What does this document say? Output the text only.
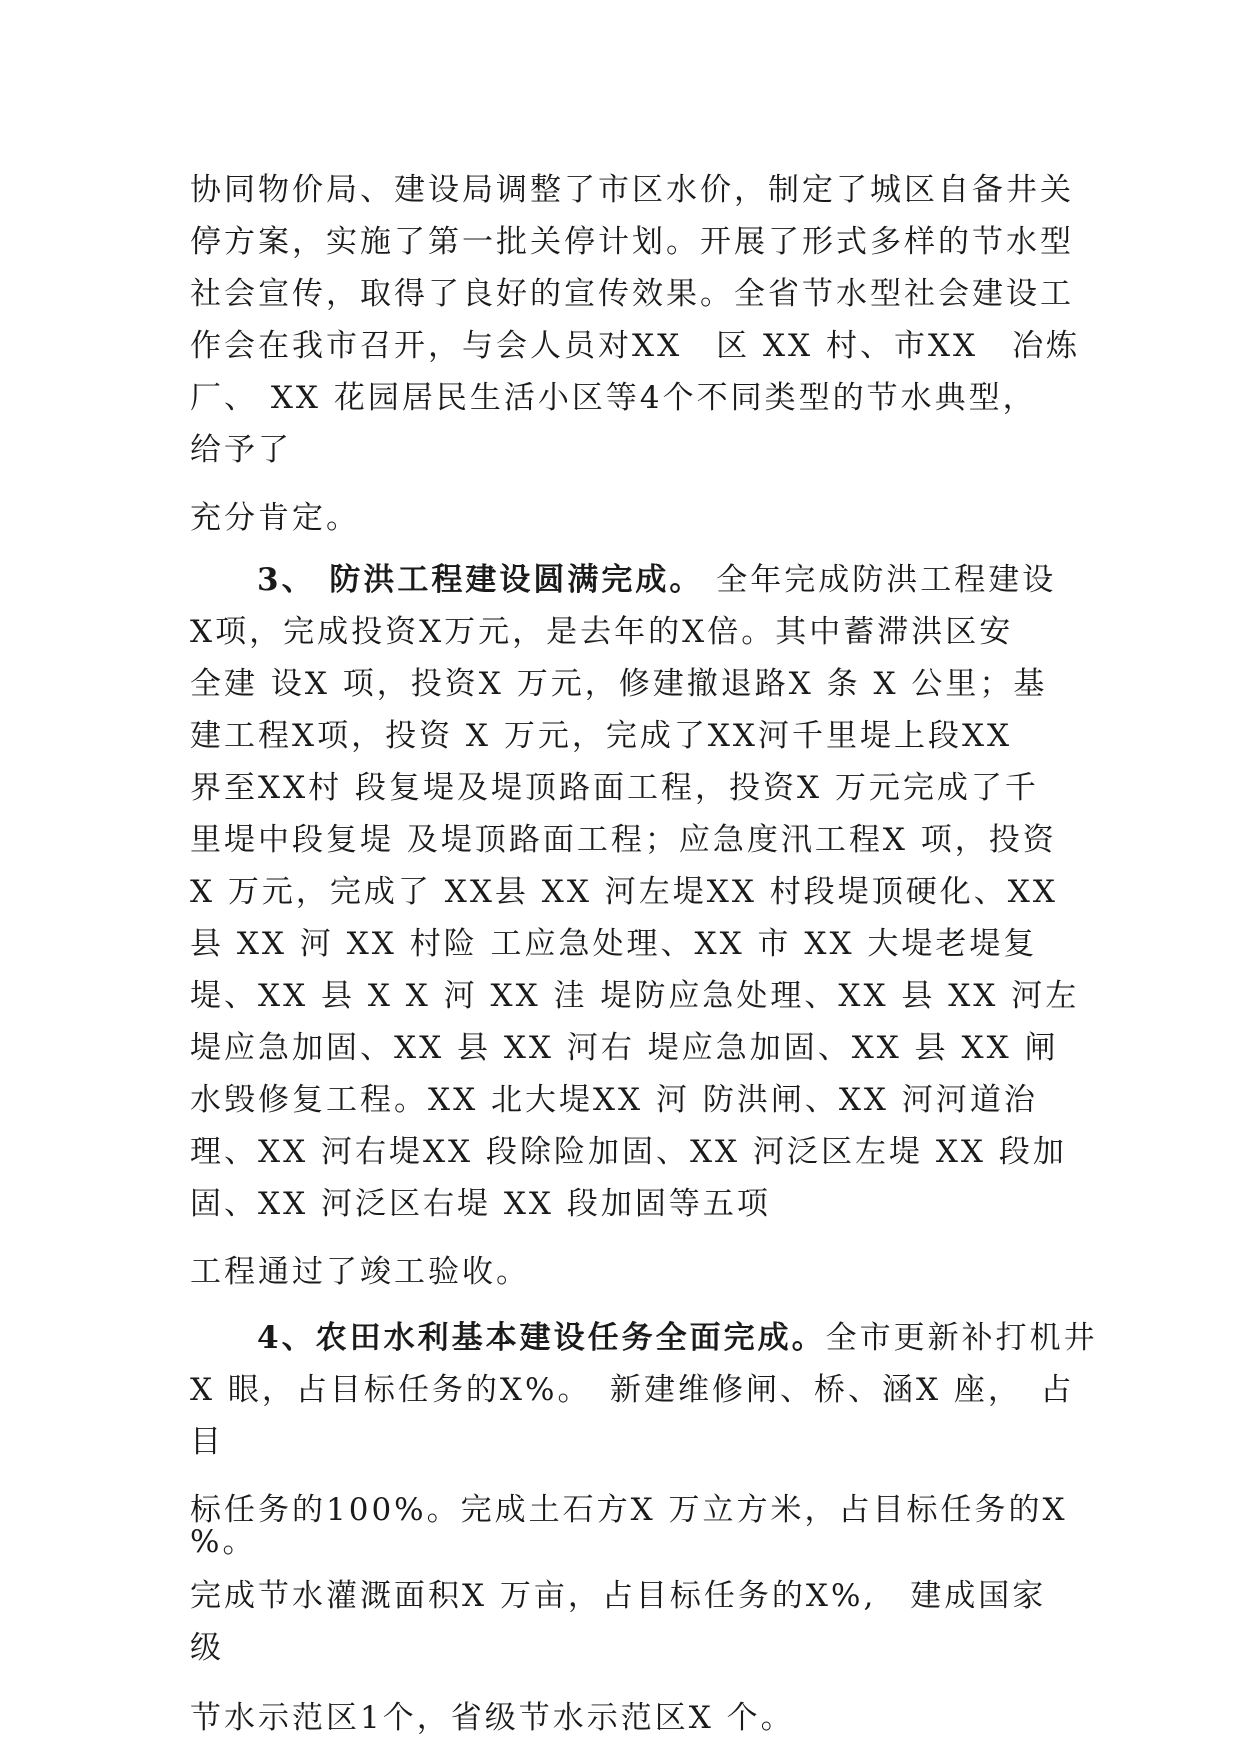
协同物价局、建设局调整了市区水价，制定了城区自备井关
停方案，实施了第一批关停计划。开展了形式多样的节水型
社会宣传，取得了良好的宣传效果。全省节水型社会建设工
作会在我市召开，与会人员对XX　区 XX 村、市XX　冶炼
厂、 XX 花园居民生活小区等4个不同类型的节水典型，
给予了
充分肯定。
3、 防洪工程建设圆满完成。 全年完成防洪工程建设
X项，完成投资X万元，是去年的X倍。其中蓄滞洪区安
全建 设X 项，投资X 万元，修建撤退路X 条 X 公里；基
建工程X项，投资 X 万元，完成了XX河千里堤上段XX
界至XX村 段复堤及堤顶路面工程，投资X 万元完成了千
里堤中段复堤 及堤顶路面工程；应急度汛工程X 项，投资
X 万元，完成了 XX县 XX 河左堤XX 村段堤顶硬化、XX
县 XX 河 XX 村险 工应急处理、XX 市 XX 大堤老堤复
堤、XX 县 X X 河 XX 洼 堤防应急处理、XX 县 XX 河左
堤应急加固、XX 县 XX 河右 堤应急加固、XX 县 XX 闸
水毁修复工程。XX 北大堤XX 河 防洪闸、XX 河河道治
理、XX 河右堤XX 段除险加固、XX 河泛区左堤 XX 段加
固、XX 河泛区右堤 XX 段加固等五项
工程通过了竣工验收。
4、农田水利基本建设任务全面完成。全市更新补打机井
X 眼，占目标任务的X%。　新建维修闸、桥、涵X 座，　占
目
标任务的100%。完成土石方X 万立方米，占目标任务的X
%。
完成节水灌溉面积X 万亩，占目标任务的X%,　建成国家
级
节水示范区1个，省级节水示范区X 个。
